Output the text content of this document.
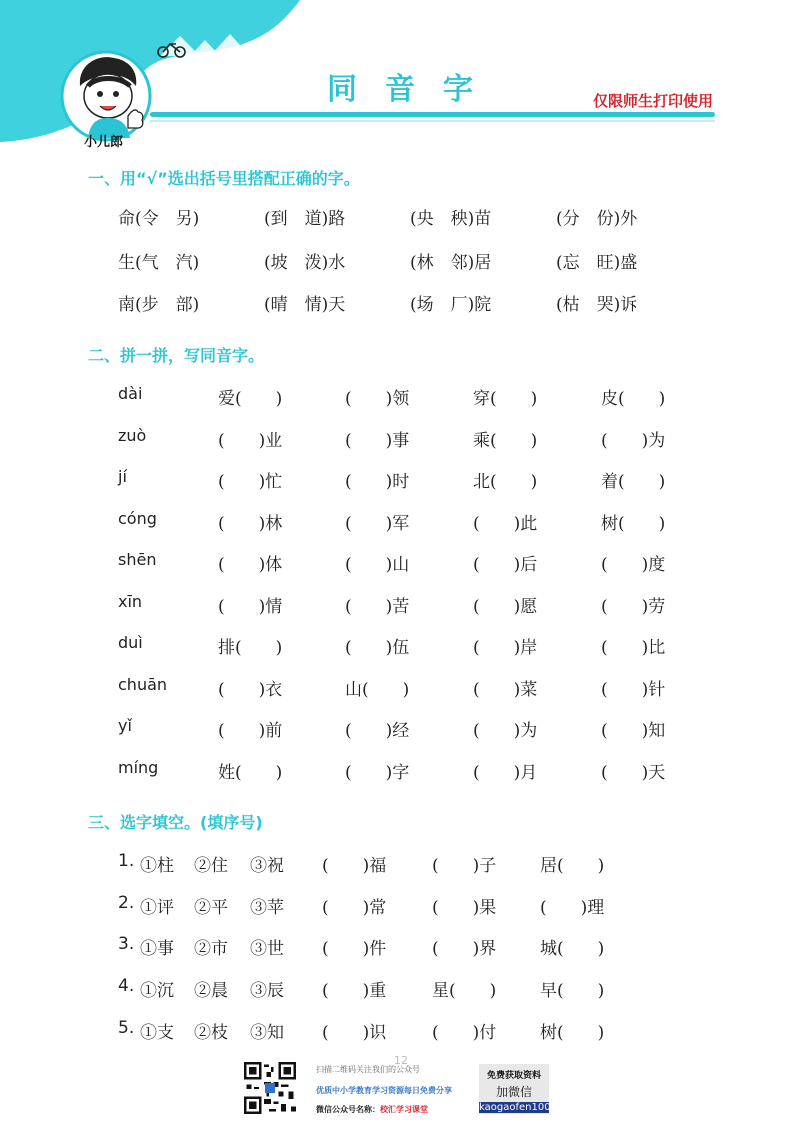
小儿郎
同音字	仅限师生打印使用
一、用“√”选出括号里搭配正确的字。
命(令　另)	(到　道)路	(央　秧)苗	(分　份)外
生(气　汽)	(坡　泼)水	(林　邻)居	(忘　旺)盛
南(步　部)	(晴　情)天	(场　厂)院	(枯　哭)诉
二、拼一拼，写同音字。
dài	爱(　　)	(　　)领	穿(　　)	皮(　　)
zuò	(　　)业	(　　)事	乘(　　)	(　　)为
jí	(　　)忙	(　　)时	北(　　)	着(　　)
cóng	(　　)林	(　　)军	(　　)此	树(　　)
shēn	(　　)体	(　　)山	(　　)后	(　　)度
xīn	(　　)情	(　　)苦	(　　)愿	(　　)劳
duì	排(　　)	(　　)伍	(　　)岸	(　　)比
chuān	(　　)衣	山(　　)	(　　)菜	(　　)针
yǐ	(　　)前	(　　)经	(　　)为	(　　)知
míng	姓(　　)	(　　)字	(　　)月	(　　)天
三、选字填空。(填序号)
1. ①柱 ②住 ③祝 (　　)福	(　　)子	居(　　)
2. ①评 ②平 ③苹 (　　)常	(　　)果	(　　)理
3. ①事 ②市 ③世 (　　)件	(　　)界	城(　　)
4. ①沉 ②晨 ③辰 (　　)重	星(　　)	早(　　)
5. ①支 ②枝 ③知 (　　)识	(　　)付	树(　　)
12
扫描二维码关注我们的公众号
优质中小学教育学习资源每日免费分享
微信公众号名称：校汇学习课堂
免费获取资料
加微信
kaogaofen100
